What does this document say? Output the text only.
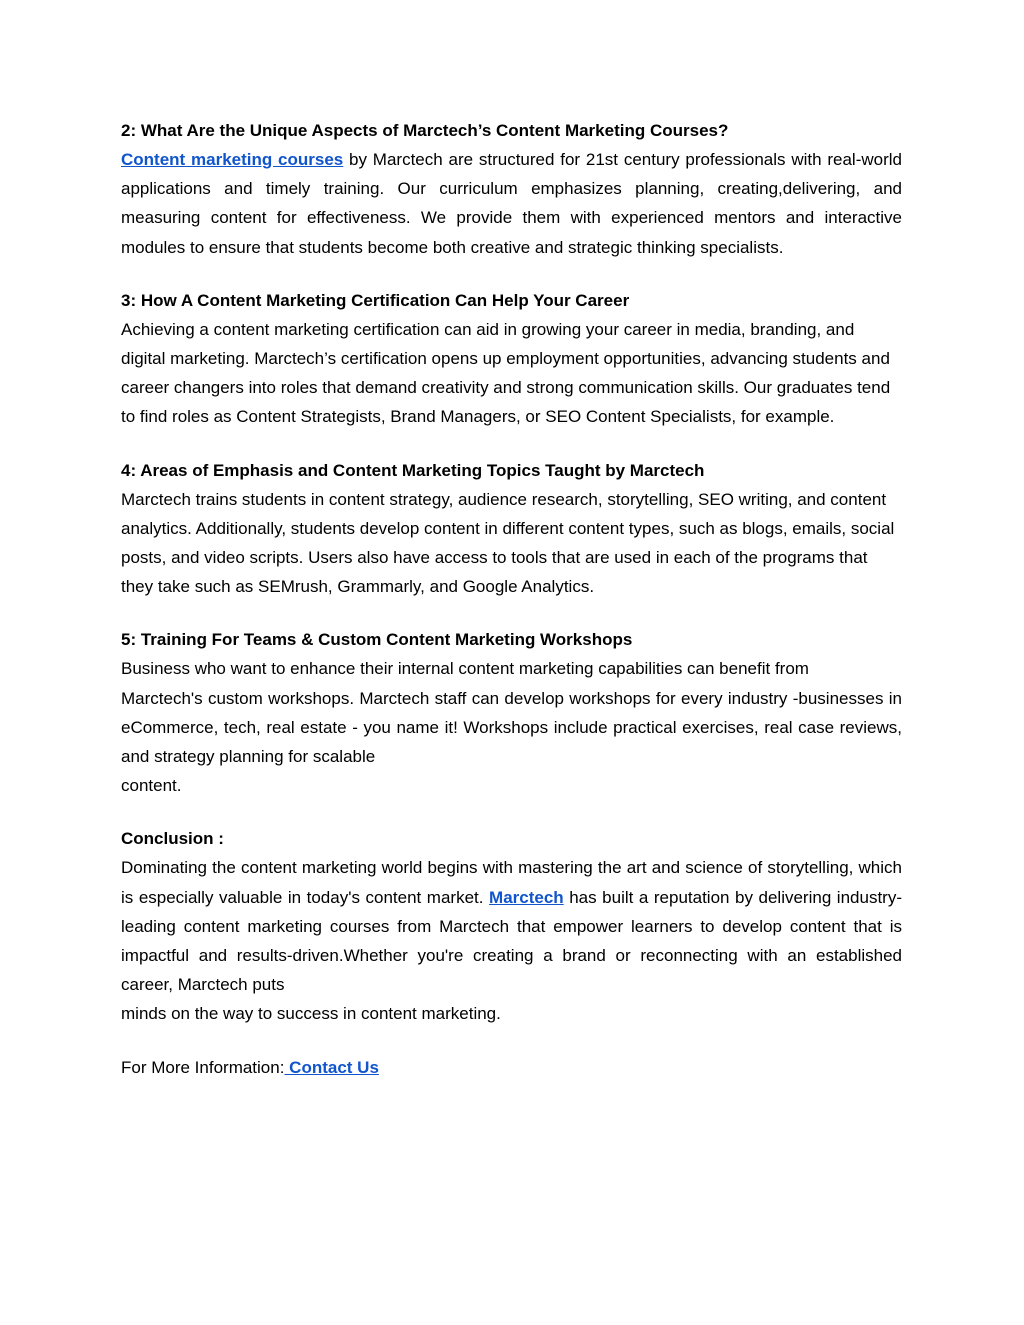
2: What Are the Unique Aspects of Marctech’s Content Marketing Courses?

Content marketing courses by Marctech are structured for 21st century professionals with real-world applications and timely training. Our curriculum emphasizes planning, creating,delivering, and measuring content for effectiveness. We provide them with experienced mentors and interactive modules to ensure that students become both creative and strategic thinking specialists.

3: How A Content Marketing Certification Can Help Your Career

Achieving a content marketing certification can aid in growing your career in media, branding, and digital marketing. Marctech’s certification opens up employment opportunities, advancing students and career changers into roles that demand creativity and strong communication skills. Our graduates tend to find roles as Content Strategists, Brand Managers, or SEO Content Specialists, for example.

4: Areas of Emphasis and Content Marketing Topics Taught by Marctech

Marctech trains students in content strategy, audience research, storytelling, SEO writing, and content analytics. Additionally, students develop content in different content types, such as blogs, emails, social posts, and video scripts. Users also have access to tools that are used in each of the programs that they take such as SEMrush, Grammarly, and Google Analytics.

5: Training For Teams & Custom Content Marketing Workshops

Business who want to enhance their internal content marketing capabilities can benefit from

Marctech's custom workshops. Marctech staff can develop workshops for every industry -businesses in eCommerce, tech, real estate - you name it! Workshops include practical exercises, real case reviews, and strategy planning for scalable

content.

Conclusion :

Dominating the content marketing world begins with mastering the art and science of storytelling, which is especially valuable in today's content market. Marctech has built a reputation by delivering industry-leading content marketing courses from Marctech that empower learners to develop content that is impactful and results-driven.Whether you're creating a brand or reconnecting with an established career, Marctech puts

minds on the way to success in content marketing.

For More Information: Contact Us
